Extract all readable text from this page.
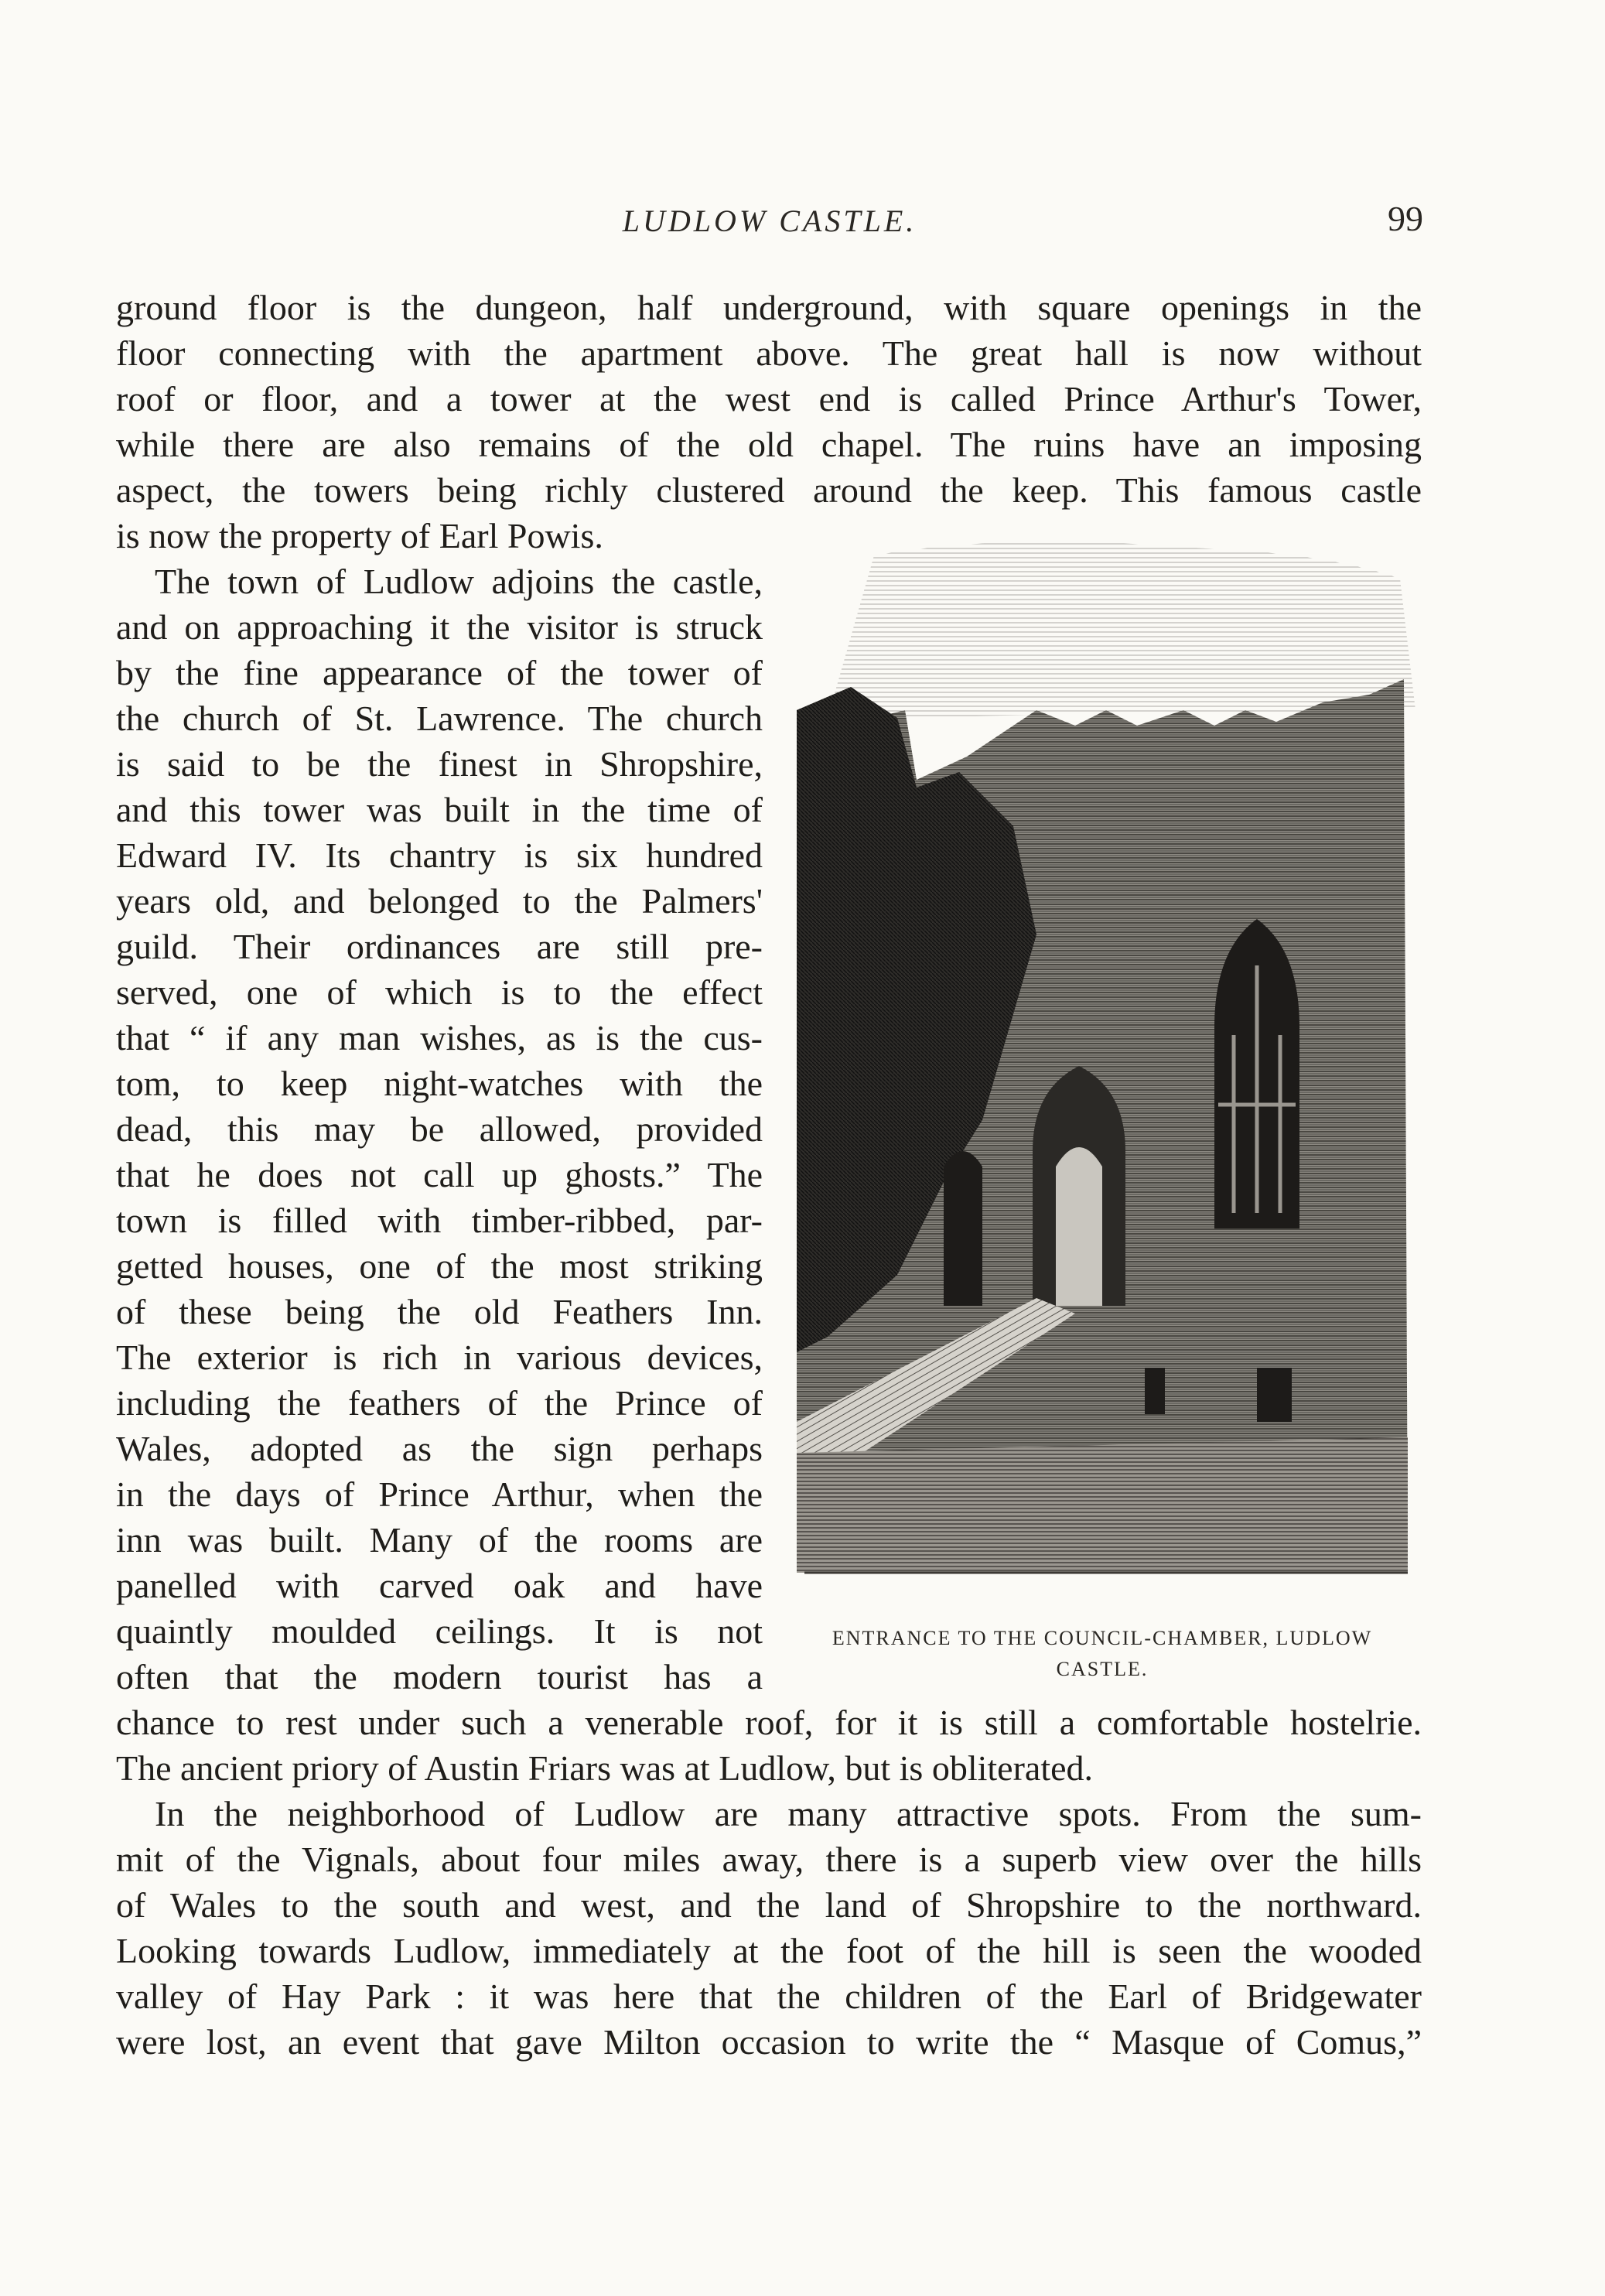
LUDLOW CASTLE.	99
ground floor is the dungeon, half underground, with square openings in the
floor connecting with the apartment above. The great hall is now without
roof or floor, and a tower at the west end is called Prince Arthur's Tower,
while there are also remains of the old chapel. The ruins have an imposing
aspect, the towers being richly clustered around the keep. This famous castle
is now the property of Earl Powis.
The town of Ludlow adjoins the castle,
and on approaching it the visitor is struck
by the fine appearance of the tower of
the church of St. Lawrence. The church
is said to be the finest in Shropshire,
and this tower was built in the time of
Edward IV. Its chantry is six hundred
years old, and belonged to the Palmers'
guild. Their ordinances are still pre-
served, one of which is to the effect
that “ if any man wishes, as is the cus-
tom, to keep night-watches with the
dead, this may be allowed, provided
that he does not call up ghosts.” The
town is filled with timber-ribbed, par-
getted houses, one of the most striking
of these being the old Feathers Inn.
The exterior is rich in various devices,
including the feathers of the Prince of
Wales, adopted as the sign perhaps
in the days of Prince Arthur, when the
inn was built. Many of the rooms are
panelled with carved oak and have
quaintly moulded ceilings. It is not
often that the modern tourist has a
chance to rest under such a venerable roof, for it is still a comfortable hostelrie.
The ancient priory of Austin Friars was at Ludlow, but is obliterated.
In the neighborhood of Ludlow are many attractive spots. From the sum-
mit of the Vignals, about four miles away, there is a superb view over the hills
of Wales to the south and west, and the land of Shropshire to the northward.
Looking towards Ludlow, immediately at the foot of the hill is seen the wooded
valley of Hay Park : it was here that the children of the Earl of Bridgewater
were lost, an event that gave Milton occasion to write the “ Masque of Comus,”
ENTRANCE TO THE COUNCIL-CHAMBER, LUDLOW CASTLE.
